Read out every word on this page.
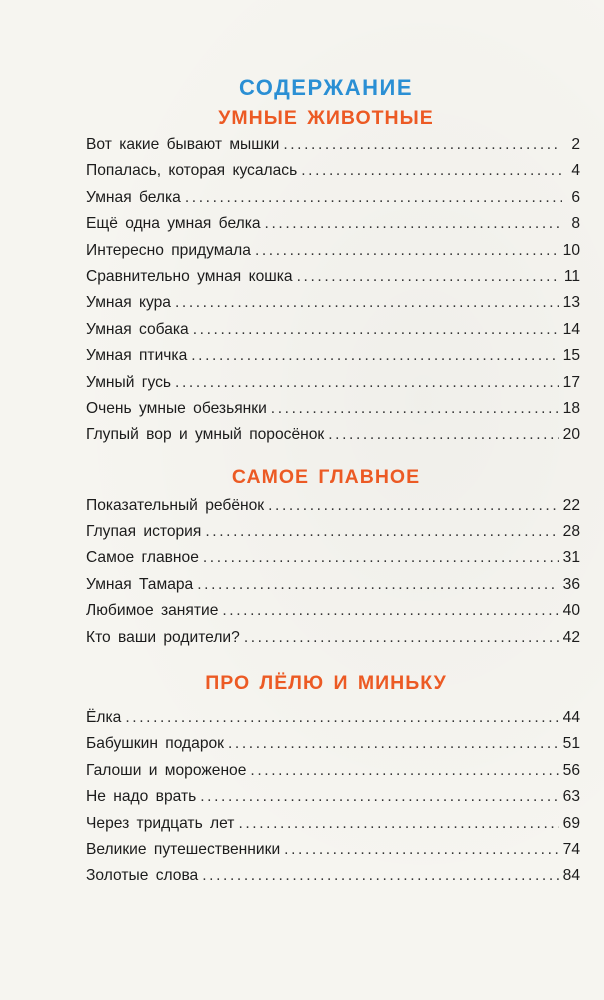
СОДЕРЖАНИЕ
УМНЫЕ ЖИВОТНЫЕ
Вот какие бывают мышки .....	2
Попалась, которая кусалась .....	4
Умная белка .....	6
Ещё одна умная белка .....	8
Интересно придумала .....	10
Сравнительно умная кошка .....	11
Умная кура .....	13
Умная собака .....	14
Умная птичка .....	15
Умный гусь .....	17
Очень умные обезьянки .....	18
Глупый вор и умный поросёнок .....	20
САМОЕ ГЛАВНОЕ
Показательный ребёнок .....	22
Глупая история .....	28
Самое главное .....	31
Умная Тамара .....	36
Любимое занятие .....	40
Кто ваши родители? .....	42
ПРО ЛЁЛЮ И МИНЬКУ
Ёлка .....	44
Бабушкин подарок .....	51
Галоши и мороженое .....	56
Не надо врать .....	63
Через тридцать лет .....	69
Великие путешественники .....	74
Золотые слова .....	84
